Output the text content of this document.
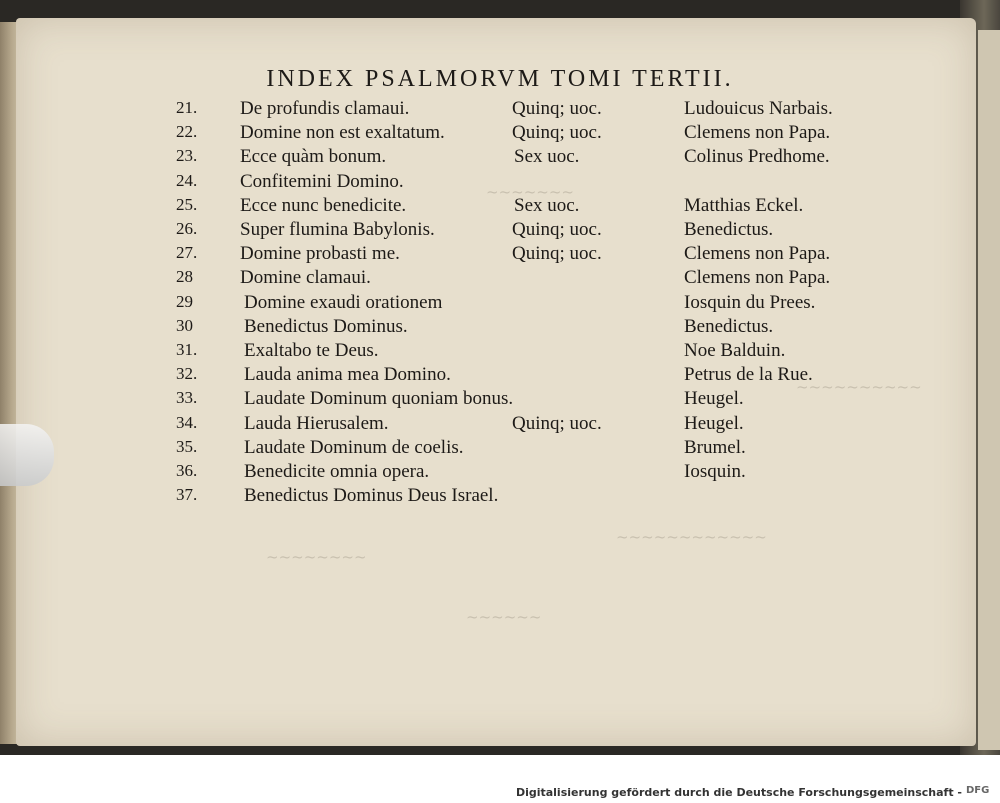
~~~~~~~
~~~~~~~~~~
~~~~~~~~~~~~
~~~~~~~~
~~~~~~
INDEX PSALMORVM TOMI TERTII.
21. De profundis clamaui.	Quinq; uoc.	Ludouicus Narbais.
22. Domine non est exaltatum.	Quinq; uoc.	Clemens non Papa.
23. Ecce quàm bonum.	Sex uoc.	Colinus Predhome.
24. Confitemini Domino.
25. Ecce nunc benedicite.	Sex uoc.	Matthias Eckel.
26. Super flumina Babylonis.	Quinq; uoc.	Benedictus.
27. Domine probasti me.	Quinq; uoc.	Clemens non Papa.
28 Domine clamaui.	Clemens non Papa.
29	Domine exaudi orationem	Iosquin du Prees.
30	Benedictus Dominus.	Benedictus.
31. Exaltabo te Deus.	Noe Balduin.
32. Lauda anima mea Domino.	Petrus de la Rue.
33. Laudate Dominum quoniam bonus.	Heugel.
34. Lauda Hierusalem.	Quinq; uoc.	Heugel.
35. Laudate Dominum de coelis.	Brumel.
36. Benedicite omnia opera.	Iosquin.
37. Benedictus Dominus Deus Israel.
Digitalisierung gefördert durch die Deutsche Forschungsgemeinschaft - DFG
